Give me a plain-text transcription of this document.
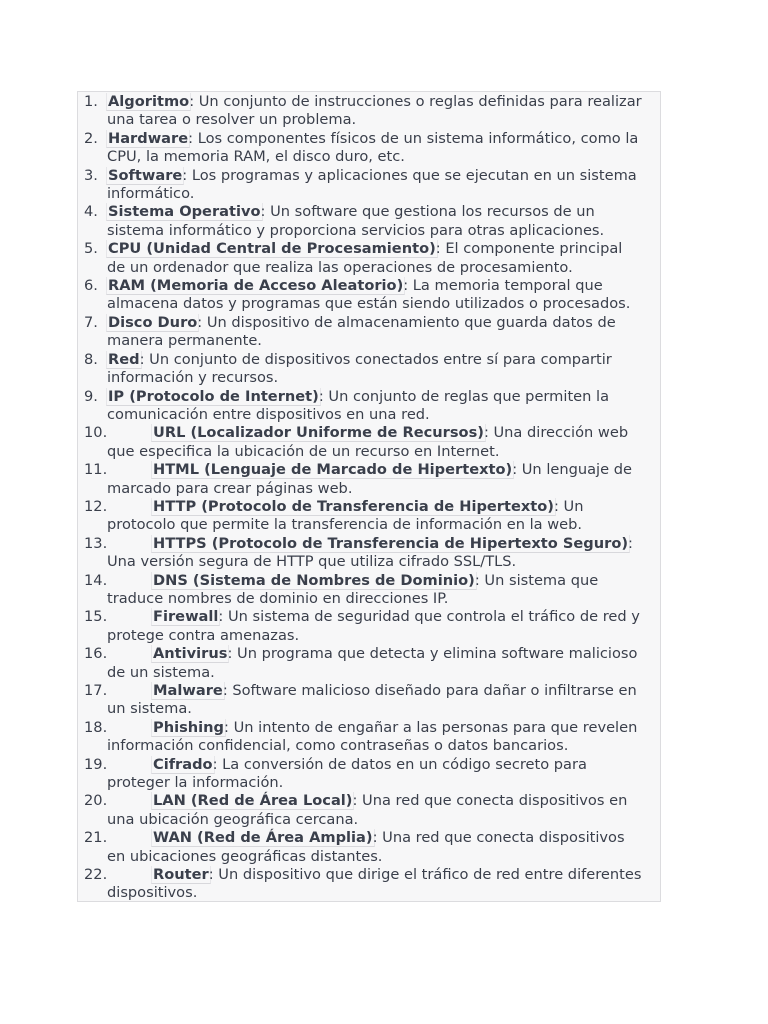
1. Algoritmo: Un conjunto de instrucciones o reglas definidas para realizar
una tarea o resolver un problema.
2. Hardware: Los componentes físicos de un sistema informático, como la
CPU, la memoria RAM, el disco duro, etc.
3. Software: Los programas y aplicaciones que se ejecutan en un sistema
informático.
4. Sistema Operativo: Un software que gestiona los recursos de un
sistema informático y proporciona servicios para otras aplicaciones.
5. CPU (Unidad Central de Procesamiento): El componente principal
de un ordenador que realiza las operaciones de procesamiento.
6. RAM (Memoria de Acceso Aleatorio): La memoria temporal que
almacena datos y programas que están siendo utilizados o procesados.
7. Disco Duro: Un dispositivo de almacenamiento que guarda datos de
manera permanente.
8. Red: Un conjunto de dispositivos conectados entre sí para compartir
información y recursos.
9. IP (Protocolo de Internet): Un conjunto de reglas que permiten la
comunicación entre dispositivos en una red.
10.	URL (Localizador Uniforme de Recursos): Una dirección web
que especifica la ubicación de un recurso en Internet.
11.	HTML (Lenguaje de Marcado de Hipertexto): Un lenguaje de
marcado para crear páginas web.
12.	HTTP (Protocolo de Transferencia de Hipertexto): Un
protocolo que permite la transferencia de información en la web.
13.	HTTPS (Protocolo de Transferencia de Hipertexto Seguro):
Una versión segura de HTTP que utiliza cifrado SSL/TLS.
14.	DNS (Sistema de Nombres de Dominio): Un sistema que
traduce nombres de dominio en direcciones IP.
15.	Firewall: Un sistema de seguridad que controla el tráfico de red y
protege contra amenazas.
16.	Antivirus: Un programa que detecta y elimina software malicioso
de un sistema.
17.	Malware: Software malicioso diseñado para dañar o infiltrarse en
un sistema.
18.	Phishing: Un intento de engañar a las personas para que revelen
información confidencial, como contraseñas o datos bancarios.
19.	Cifrado: La conversión de datos en un código secreto para
proteger la información.
20.	LAN (Red de Área Local): Una red que conecta dispositivos en
una ubicación geográfica cercana.
21.	WAN (Red de Área Amplia): Una red que conecta dispositivos
en ubicaciones geográficas distantes.
22.	Router: Un dispositivo que dirige el tráfico de red entre diferentes
dispositivos.
